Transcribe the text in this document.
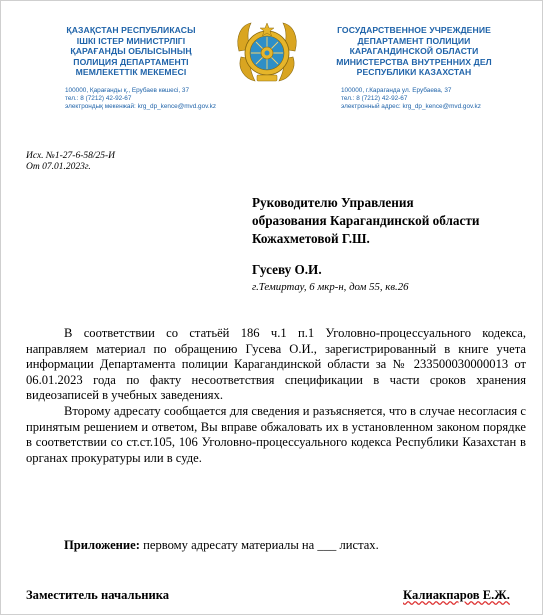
ҚАЗАҚСТАН РЕСПУБЛИКАСЫ
ІШКІ ІСТЕР МИНИСТРЛІГІ
ҚАРАҒАНДЫ ОБЛЫСЫНЫҢ
ПОЛИЦИЯ ДЕПАРТАМЕНТІ
МЕМЛЕКЕТТІК МЕКЕМЕСІ
ГОСУДАРСТВЕННОЕ УЧРЕЖДЕНИЕ
ДЕПАРТАМЕНТ ПОЛИЦИИ
КАРАГАНДИНСКОЙ ОБЛАСТИ
МИНИСТЕРСТВА ВНУТРЕННИХ ДЕЛ
РЕСПУБЛИКИ КАЗАХСТАН
100000, Қарағанды қ., Ерубаев көшесі, 37
тел.: 8 (7212) 42-92-67
электрондық мекенжай: krg_dp_kence@mvd.gov.kz
100000, г.Караганда ул. Ерубаева, 37
тел.: 8 (7212) 42-92-67
электронный адрес: krg_dp_kence@mvd.gov.kz
Исх. №1-27-6-58/25-И
От 07.01.2023г.
Руководителю Управления
образования Карагандинской области
Кожахметовой Г.Ш.
Гусеву О.И.
г.Темиртау, 6 мкр-н, дом 55, кв.26

В соответствии со статьёй 186 ч.1 п.1 Уголовно-процессуального кодекса, направляем материал по обращению Гусева О.И., зарегистрированный в книге учета информации Департамента полиции Карагандинской области за № 233500030000013 от 06.01.2023 года по факту несоответствия спецификации в части сроков хранения видеозаписей в учебных заведениях.

Второму адресату сообщается для сведения и разъясняется, что в случае несогласия с принятым решением и ответом, Вы вправе обжаловать их в установленном законом порядке в соответствии со ст.ст.105, 106 Уголовно-процессуального кодекса Республики Казахстан в органах прокуратуры или в суде.

Приложение: первому адресату материалы на ___ листах.
Заместитель начальника	Калиакпаров Е.Ж.
